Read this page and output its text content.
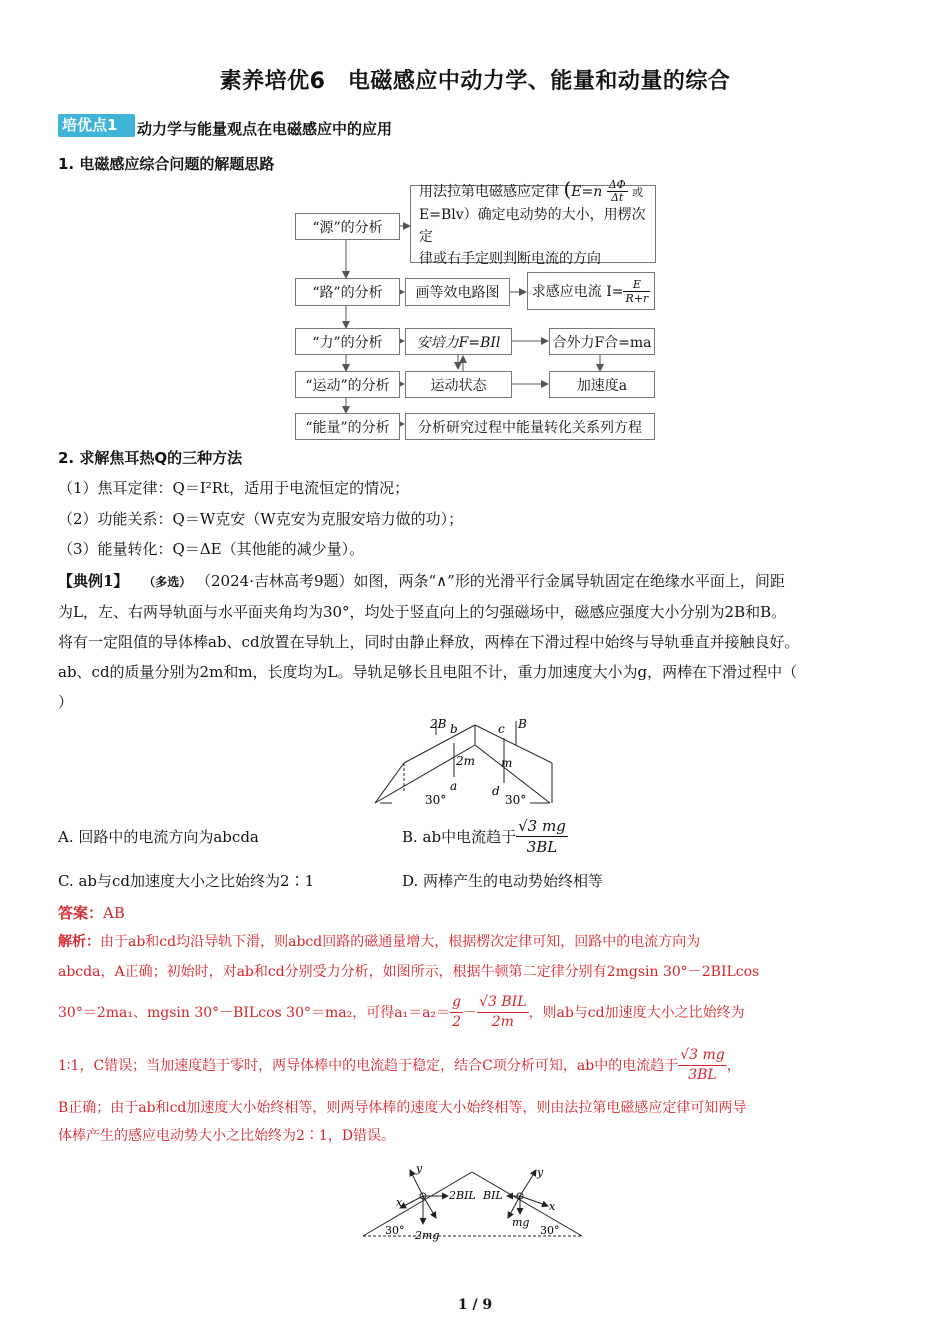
素养培优6　电磁感应中动力学、能量和动量的综合
培优点1	动力学与能量观点在电磁感应中的应用
1. 电磁感应综合问题的解题思路
“源”的分析
用法拉第电磁感应定律 ($E=n \frac{\Delta\Phi}{\Delta t}$ 或
E=Blv）确定电动势的大小，用楞次定
律或右手定则判断电流的方向
“路”的分析	画等效电路图	求感应电流 $I= \frac{E}{R+r}$
“力”的分析	安培力F=BIl	合外力F合=ma
“运动”的分析	运动状态	加速度a
“能量”的分析	分析研究过程中能量转化关系列方程
2. 求解焦耳热Q的三种方法
（1）焦耳定律：Q＝I²Rt，适用于电流恒定的情况；
（2）功能关系：Q＝W克安（W克安为克服安培力做的功）；
（3）能量转化：Q＝ΔE（其他能的减少量）。
【典例1】 （多选） （2024·吉林高考9题）如图，两条“∧”形的光滑平行金属导轨固定在绝缘水平面上，间距
为L，左、右两导轨面与水平面夹角均为30°，均处于竖直向上的匀强磁场中，磁感应强度大小分别为2B和B。
将有一定阻值的导体棒ab、cd放置在导轨上，同时由静止释放，两棒在下滑过程中始终与导轨垂直并接触良好。
ab、cd的质量分别为2m和m，长度均为L。导轨足够长且电阻不计，重力加速度大小为g，两棒在下滑过程中（
）
2B	B
b	c
a	d
2m m
30°	30°
A. 回路中的电流方向为abcda	B. ab中电流趋于 $\frac{√3 mg}{3BL}$
C. ab与cd加速度大小之比始终为2∶1	D. 两棒产生的电动势始终相等
答案：AB
解析：由于ab和cd均沿导轨下滑，则abcd回路的磁通量增大，根据楞次定律可知，回路中的电流方向为
abcda，A正确；初始时，对ab和cd分别受力分析，如图所示，根据牛顿第二定律分别有2mgsin 30°－2BILcos
30°＝2ma₁、mgsin 30°－BILcos 30°＝ma₂，可得$a_1=a_2= \frac{g}{2} - \frac{\text{√3 BIL}}{2m}$ ，则ab与cd加速度大小之比始终为
1∶1，C错误；当加速度趋于零时，两导体棒中的电流趋于稳定，结合C项分析可知，ab中的电流趋于 $\frac{√3 mg}{3BL}$ ，
B正确；由于ab和cd加速度大小始终相等，则两导体棒的速度大小始终相等，则由法拉第电磁感应定律可知两导
体棒产生的感应电动势大小之比始终为2∶1，D错误。
y
x
2BIL
2mg
BIL
y
x
mg
30°	30°
1 / 9
